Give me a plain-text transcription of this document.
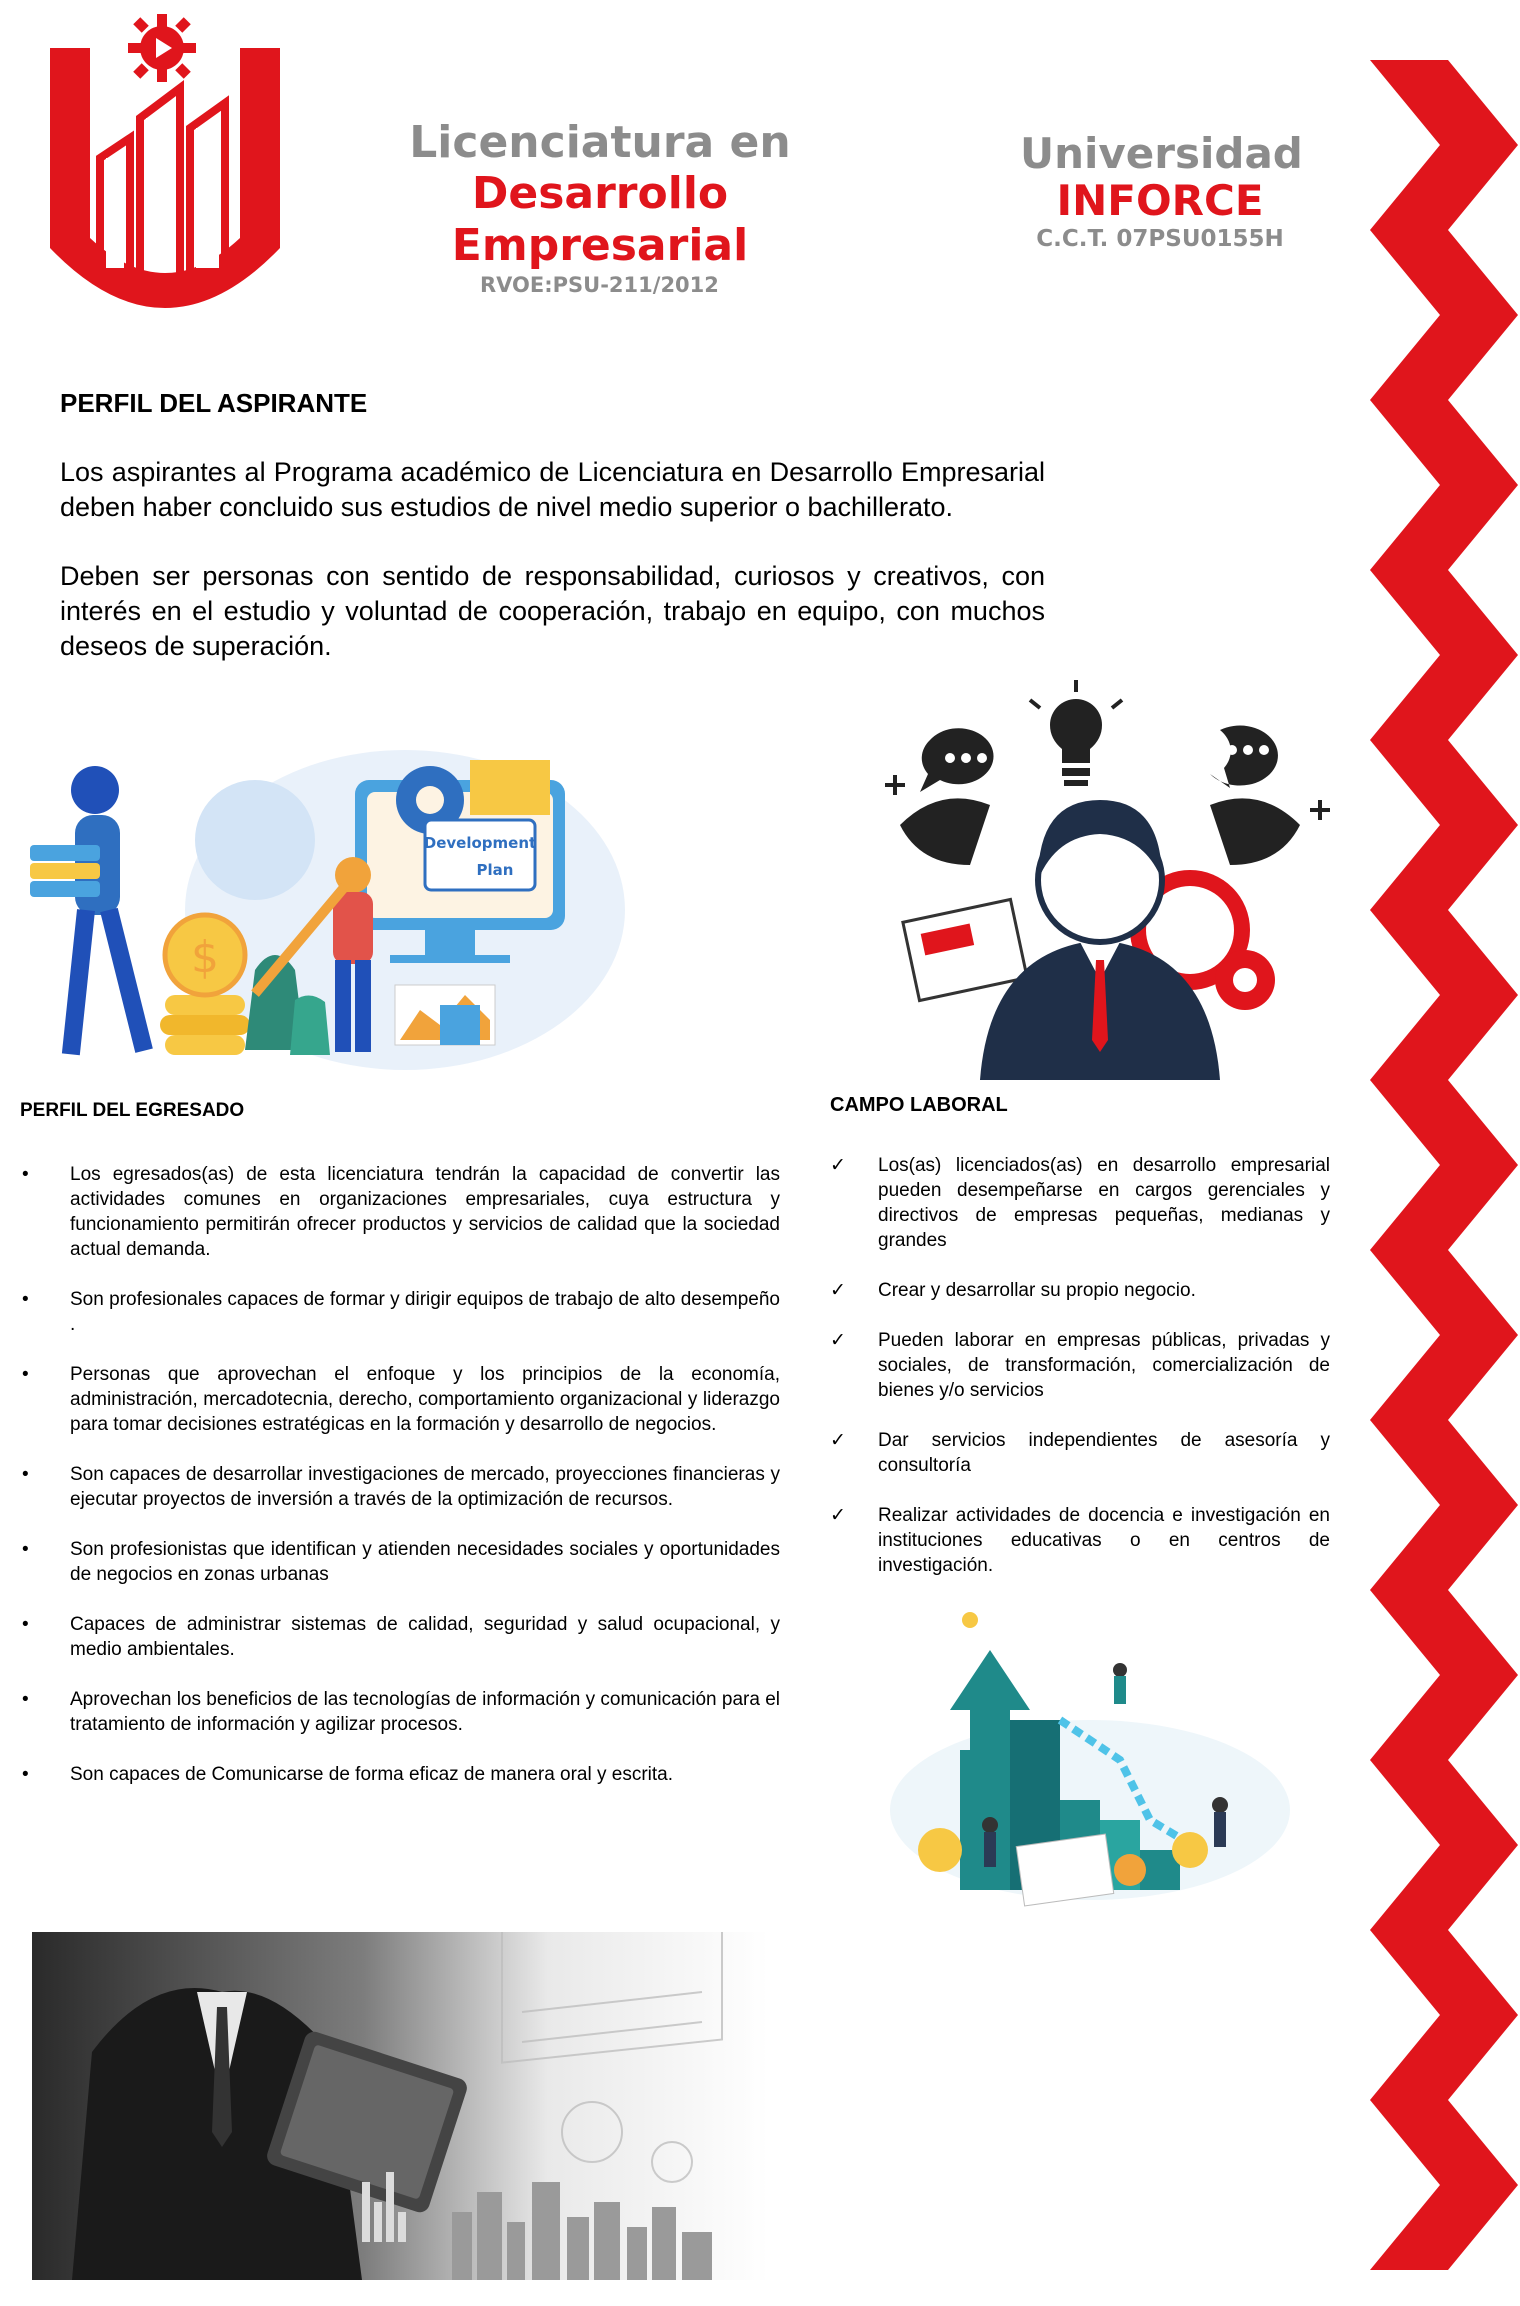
Licenciatura en
Desarrollo Empresarial
RVOE:PSU-211/2012
Universidad
INFORCE
C.C.T. 07PSU0155H
PERFIL DEL ASPIRANTE

Los aspirantes al Programa académico de Licenciatura en Desarrollo Empresarial deben haber concluido sus estudios de nivel medio superior o bachillerato.

Deben ser personas con sentido de responsabilidad, curiosos y creativos, con interés en el estudio y voluntad de cooperación, trabajo en equipo, con muchos deseos de superación.

Development
Plan
$
PERFIL DEL EGRESADO
• Los egresados(as) de esta licenciatura tendrán la capacidad de convertir las actividades comunes en organizaciones empresariales, cuya estructura y funcionamiento permitirán ofrecer productos y servicios de calidad que la sociedad actual demanda.
• Son profesionales capaces de formar y dirigir equipos de trabajo de alto desempeño .
• Personas que aprovechan el enfoque y los principios de la economía, administración, mercadotecnia, derecho, comportamiento organizacional y liderazgo para tomar decisiones estratégicas en la formación y desarrollo de negocios.
• Son capaces de desarrollar investigaciones de mercado, proyecciones financieras y ejecutar proyectos de inversión a través de la optimización de recursos.
• Son profesionistas que identifican y atienden necesidades sociales y oportunidades de negocios en zonas urbanas
• Capaces de administrar sistemas de calidad, seguridad y salud ocupacional, y medio ambientales.
• Aprovechan los beneficios de las tecnologías de información y comunicación para el tratamiento de información y agilizar procesos.
• Son capaces de Comunicarse de forma eficaz de manera oral y escrita.
CAMPO LABORAL
✓ Los(as) licenciados(as) en desarrollo empresarial pueden desempeñarse en cargos gerenciales y directivos de empresas pequeñas, medianas y grandes
✓ Crear y desarrollar su propio negocio.
✓ Pueden laborar en empresas públicas, privadas y sociales, de transformación, comercialización de bienes y/o servicios
✓ Dar servicios independientes de asesoría y consultoría
✓ Realizar actividades de docencia e investigación en instituciones educativas o en centros de investigación.
